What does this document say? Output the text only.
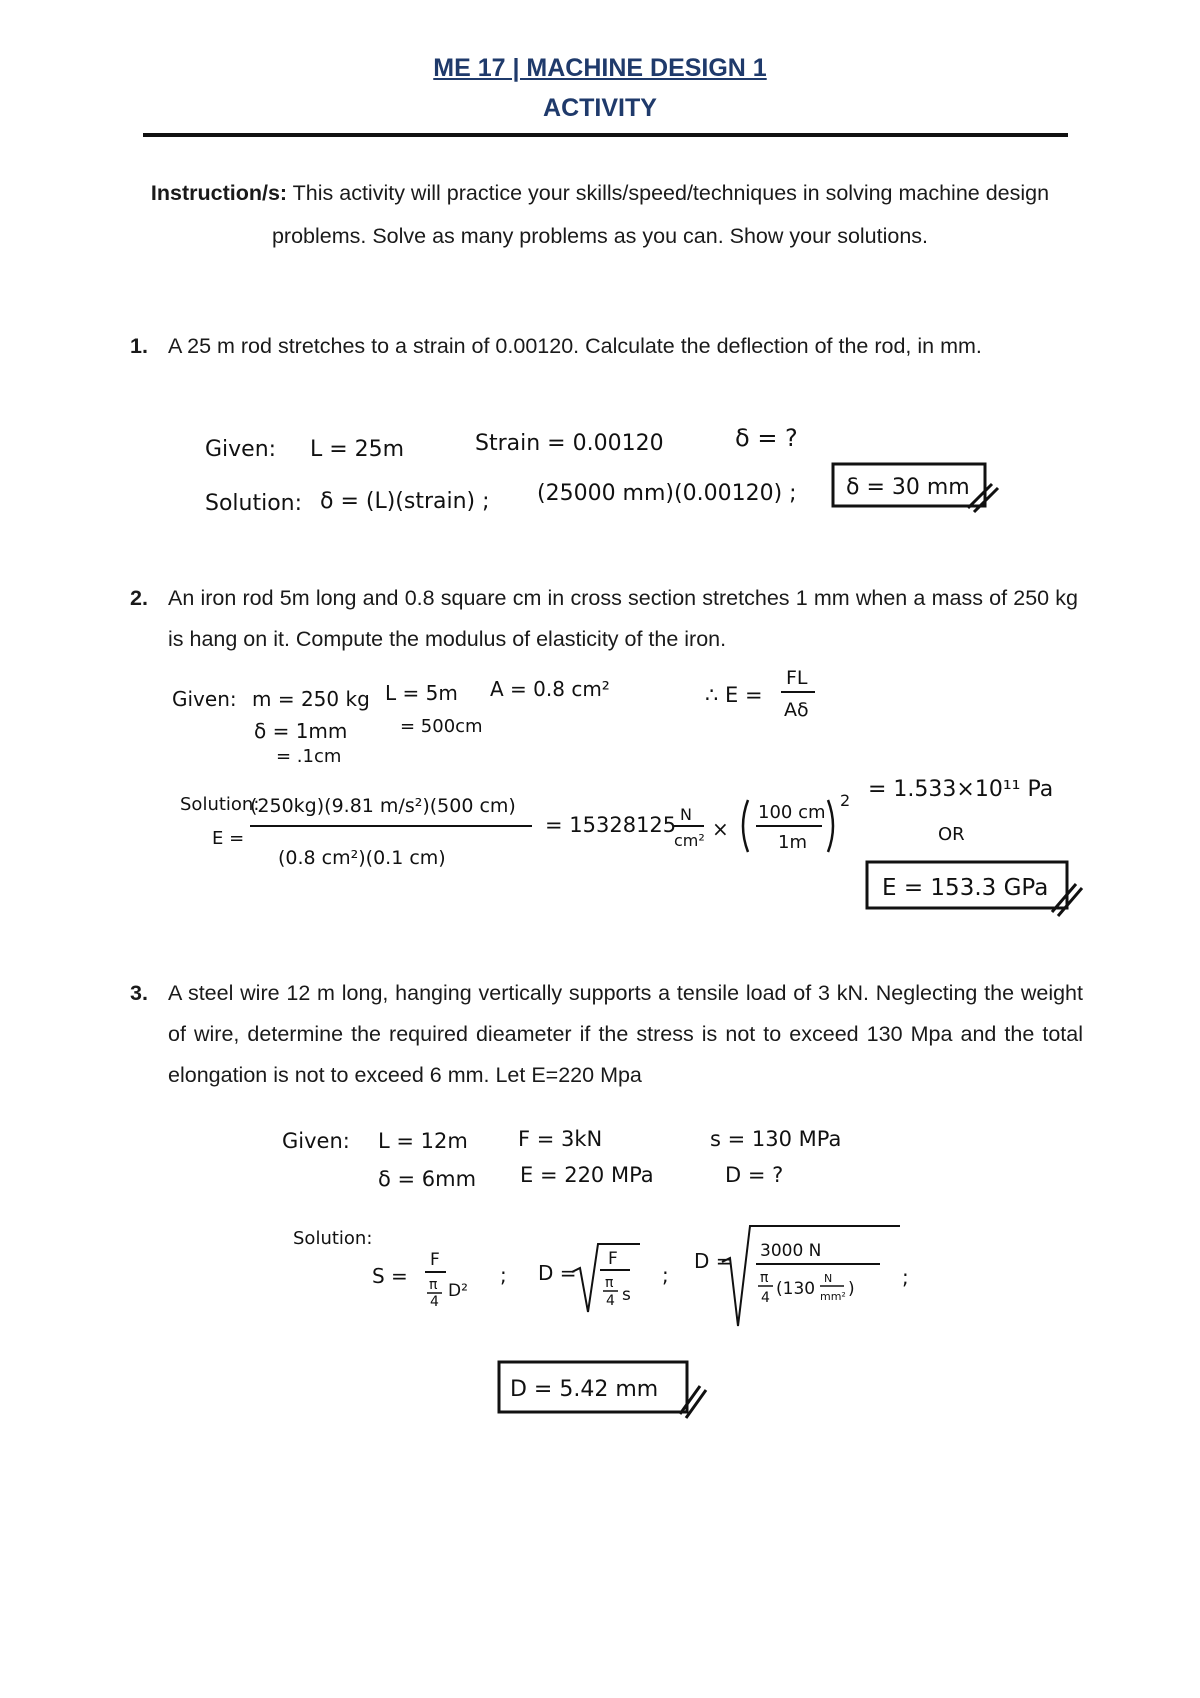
ME 17 | MACHINE DESIGN 1
ACTIVITY
Instruction/s: This activity will practice your skills/speed/techniques in solving machine design problems. Solve as many problems as you can. Show your solutions.
1. A 25 m rod stretches to a strain of 0.00120. Calculate the deflection of the rod, in mm.
Given: L = 25m	Strain = 0.00120	δ = ?
Solution: δ = (L)(strain) ; (25000 mm)(0.00120) ; δ = 30 mm
Given: m = 250 kg L = 5m
= 500cm
A = 0.8 cm²
δ = 1mm
= .1cm
∴ E =
FL
Aδ
Solution:
E =
(250kg)(9.81 m/s²)(500 cm)
(0.8 cm²)(0.1 cm)
= 15328125 N
cm² ×
100 cm
1m
2 = 1.533×10¹¹ Pa
OR
E = 153.3 GPa
Given: L = 12m F = 3kN	s = 130 MPa
δ = 6mm E = 220 MPa	D = ?
Solution:
S =
F
π
4
D²
; D =
F
π
4 s
;
D = 3000 N
π
4 (130
N
mm² ) ;
D = 5.42 mm
2. An iron rod 5m long and 0.8 square cm in cross section stretches 1 mm when a mass of 250 kg is hang on it. Compute the modulus of elasticity of the iron.
3. A steel wire 12 m long, hanging vertically supports a tensile load of 3 kN. Neglecting the weight of wire, determine the required dieameter if the stress is not to exceed 130 Mpa and the total elongation is not to exceed 6 mm. Let E=220 Mpa
